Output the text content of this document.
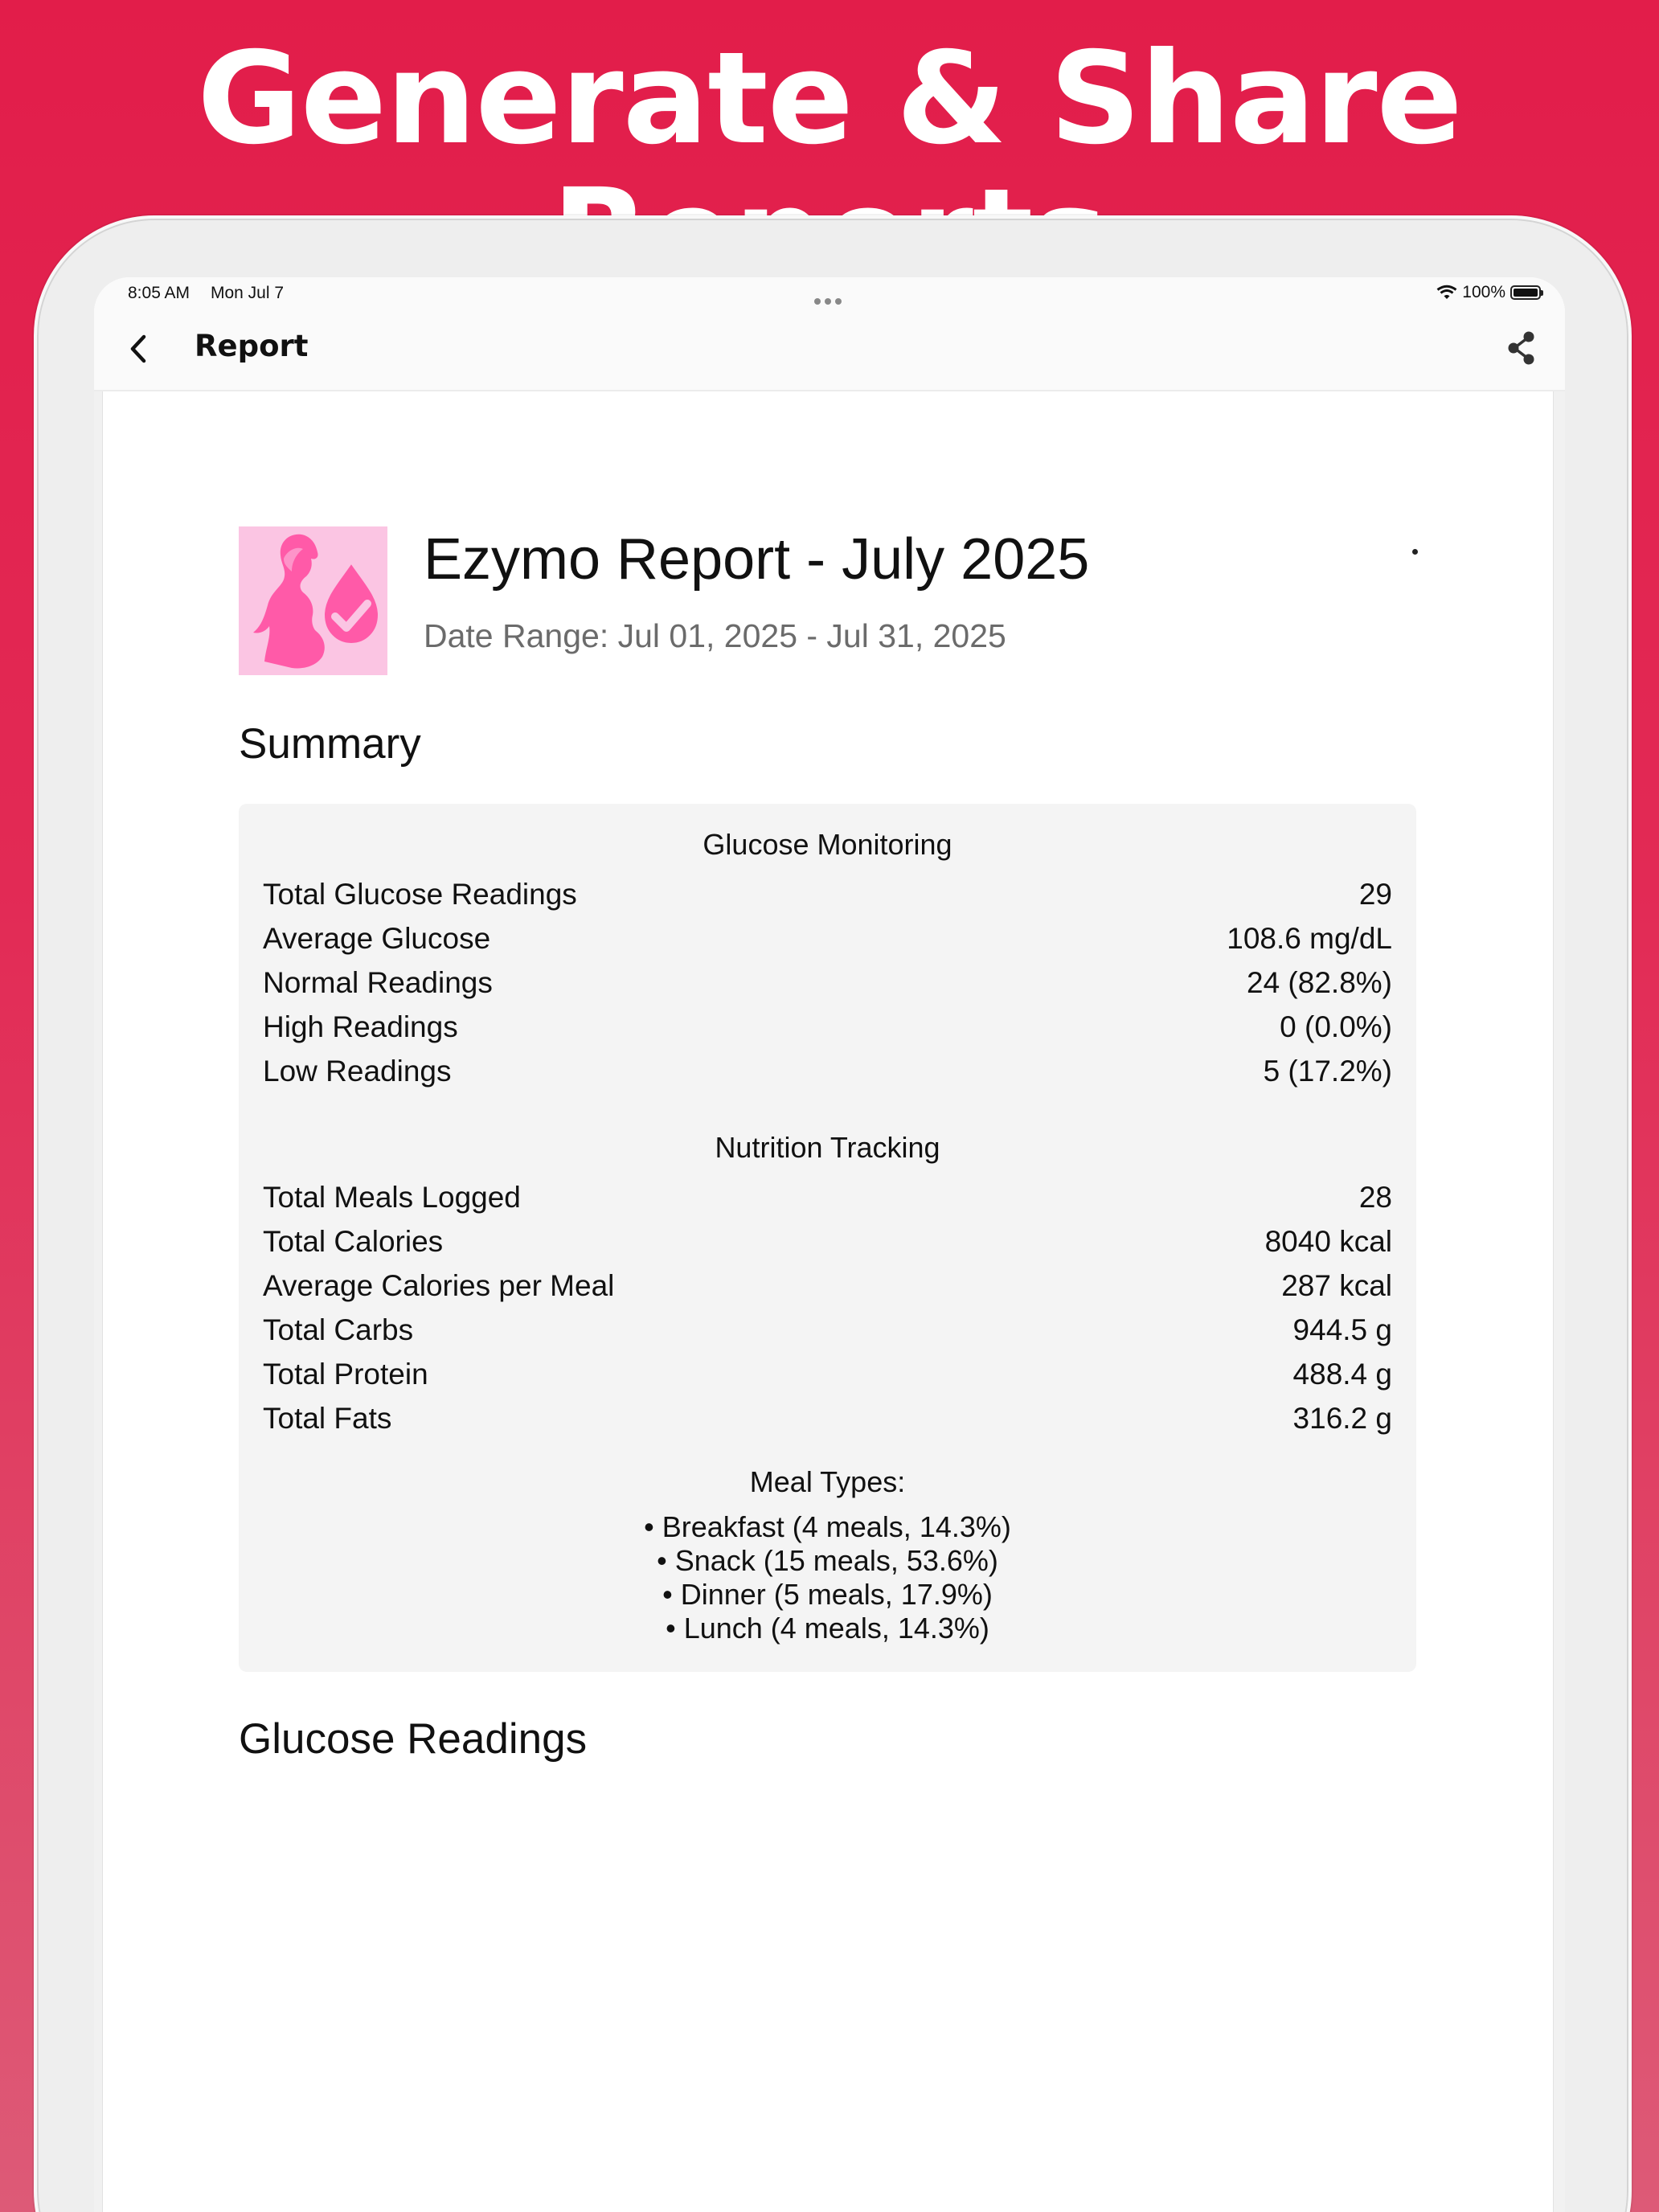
Generate & Share
8:05 AM Mon Jul 7	100%
Report
Ezymo Report - July 2025
Date Range: Jul 01, 2025 - Jul 31, 2025
Summary
Glucose Monitoring
Total Glucose Readings	29
Average Glucose	108.6 mg/dL
Normal Readings	24 (82.8%)
High Readings	0 (0.0%)
Low Readings	5 (17.2%)
Nutrition Tracking
Total Meals Logged	28
Total Calories	8040 kcal
Average Calories per Meal	287 kcal
Total Carbs	944.5 g
Total Protein	488.4 g
Total Fats	316.2 g
Meal Types:
• Breakfast (4 meals, 14.3%)
• Snack (15 meals, 53.6%)
• Dinner (5 meals, 17.9%)
• Lunch (4 meals, 14.3%)
Glucose Readings
